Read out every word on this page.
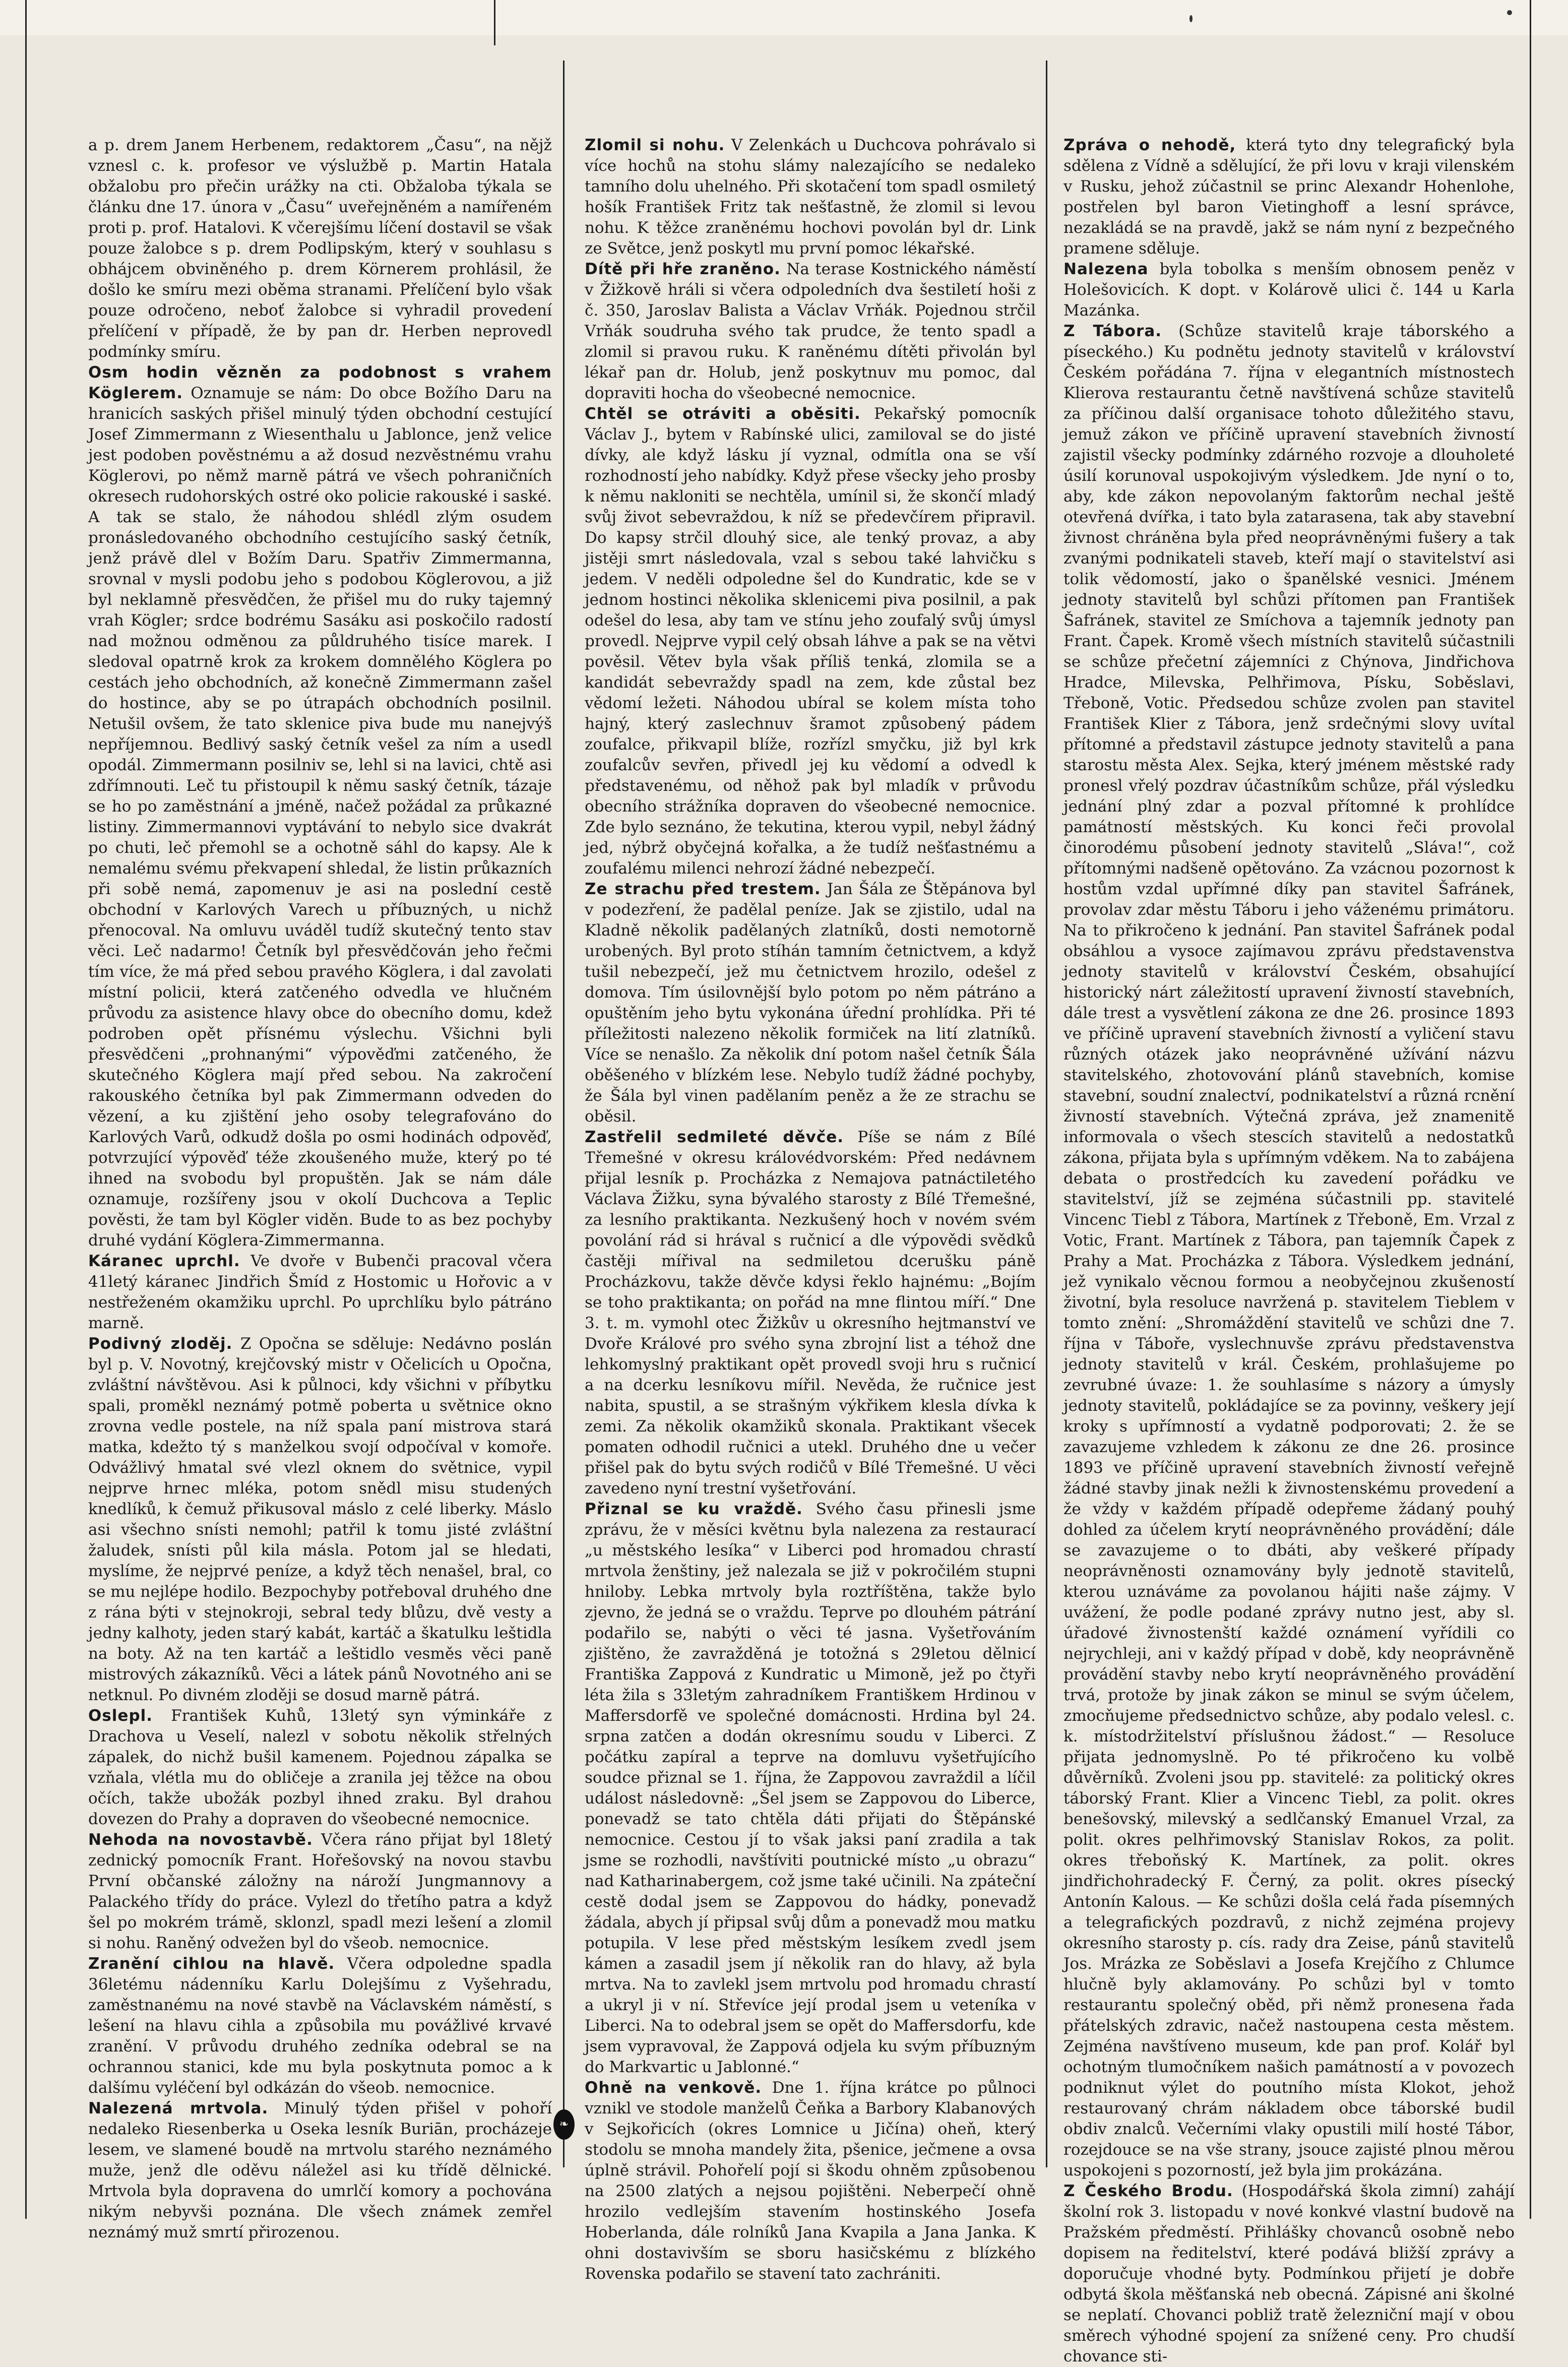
a p. drem Janem Herbenem, redaktorem „Času“, na nějž vznesl c. k. profesor ve výslužbě p. Martin Hatala obžalobu pro přečin urážky na cti. Obžaloba týkala se článku dne 17. února v „Času“ uveřejněném a namířeném proti p. prof. Hatalovi. K včerejšímu líčení dostavil se však pouze žalobce s p. drem Podlipským, který v souhlasu s obhájcem obviněného p. drem Körnerem prohlásil, že došlo ke smíru mezi oběma stranami. Přelíčení bylo však pouze odročeno, neboť žalobce si vyhradil provedení přelíčení v případě, že by pan dr. Herben neprovedl podmínky smíru.

Osm hodin vězněn za podobnost s vrahem Köglerem. Oznamuje se nám: Do obce Božího Daru na hranicích saských přišel minulý týden obchodní cestující Josef Zimmermann z Wiesenthalu u Jablonce, jenž velice jest podoben pověstnému a až dosud nezvěstnému vrahu Köglerovi, po němž marně pátrá ve všech pohraničních okresech rudohorských ostré oko policie rakouské i saské. A tak se stalo, že náhodou shlédl zlým osudem pronásledovaného obchodního cestujícího saský četník, jenž právě dlel v Božím Daru. Spatřiv Zimmermanna, srovnal v mysli podobu jeho s podobou Köglerovou, a již byl neklamně přesvědčen, že přišel mu do ruky tajemný vrah Kögler; srdce bodrému Sasáku asi poskočilo radostí nad možnou odměnou za půldruhého tisíce marek. I sledoval opatrně krok za krokem domnělého Köglera po cestách jeho obchodních, až konečně Zimmermann zašel do hostince, aby se po útrapách obchodních posilnil. Netušil ovšem, že tato sklenice piva bude mu nanejvýš nepříjemnou. Bedlivý saský četník vešel za ním a usedl opodál. Zimmermann posilniv se, lehl si na lavici, chtě asi zdřímnouti. Leč tu přistoupil k němu saský četník, tázaje se ho po zaměstnání a jméně, načež požádal za průkazné listiny. Zimmermannovi vyptávání to nebylo sice dvakrát po chuti, leč přemohl se a ochotně sáhl do kapsy. Ale k nemalému svému překvapení shledal, že listin průkazních při sobě nemá, zapomenuv je asi na poslední cestě obchodní v Karlových Varech u příbuzných, u nichž přenocoval. Na omluvu uváděl tudíž skutečný tento stav věci. Leč nadarmo! Četník byl přesvědčován jeho řečmi tím více, že má před sebou pravého Köglera, i dal zavolati místní policii, která zatčeného odvedla ve hlučném průvodu za asistence hlavy obce do obecního domu, kdež podroben opět přísnému výslechu. Všichni byli přesvědčeni „prohnanými“ výpověďmi zatčeného, že skutečného Köglera mají před sebou. Na zakročení rakouského četníka byl pak Zimmermann odveden do vězení, a ku zjištění jeho osoby telegrafováno do Karlových Varů, odkudž došla po osmi hodinách odpověď, potvrzující výpověď téže zkoušeného muže, který po té ihned na svobodu byl propuštěn. Jak se nám dále oznamuje, rozšířeny jsou v okolí Duchcova a Teplic pověsti, že tam byl Kögler viděn. Bude to as bez pochyby druhé vydání Köglera-Zimmermanna.

Káranec uprchl. Ve dvoře v Bubenči pracoval včera 41letý káranec Jindřich Šmíd z Hostomic u Hořovic a v nestřeženém okamžiku uprchl. Po uprchlíku bylo pátráno marně.

Podivný zloděj. Z Opočna se sděluje: Nedávno poslán byl p. V. Novotný, krejčovský mistr v Očelicích u Opočna, zvláštní návštěvou. Asi k půlnoci, kdy všichni v příbytku spali, proměkl neznámý potmě poberta u světnice okno zrovna vedle postele, na níž spala paní mistrova stará matka, kdežto tý s manželkou svojí odpočíval v komoře. Odvážlivý hmatal své vlezl oknem do světnice, vypil nejprve hrnec mléka, potom snědl misu studených knedlíků, k čemuž přikusoval máslo z celé liberky. Máslo asi všechno snísti nemohl; patřil k tomu jisté zvláštní žaludek, snísti půl kila másla. Potom jal se hledati, myslíme, že nejprvé peníze, a když těch nenašel, bral, co se mu nejlépe hodilo. Bezpochyby potřeboval druhého dne z rána býti v stejnokroji, sebral tedy blůzu, dvě vesty a jedny kalhoty, jeden starý kabát, kartáč a škatulku leštidla na boty. Až na ten kartáč a leštidlo vesměs věci paně mistrových zákazníků. Věci a látek pánů Novotného ani se netknul. Po divném zloději se dosud marně pátrá.

Oslepl. František Kuhů, 13letý syn výminkáře z Drachova u Veselí, nalezl v sobotu několik střelných zápalek, do nichž bušil kamenem. Pojednou zápalka se vzňala, vlétla mu do obličeje a zranila jej těžce na obou očích, takže ubožák pozbyl ihned zraku. Byl drahou dovezen do Prahy a dopraven do všeobecné nemocnice.

Nehoda na novostavbě. Včera ráno přijat byl 18letý zednický pomocník Frant. Hořešovský na novou stavbu První občanské záložny na nároží Jungmannovy a Palackého třídy do práce. Vylezl do třetího patra a když šel po mokrém trámě, sklonzl, spadl mezi lešení a zlomil si nohu. Raněný odvežen byl do všeob. nemocnice.

Zranění cihlou na hlavě. Včera odpoledne spadla 36letému nádenníku Karlu Dolejšímu z Vyšehradu, zaměstnanému na nové stavbě na Václavském náměstí, s lešení na hlavu cihla a způsobila mu povážlivé krvavé zranění. V průvodu druhého zedníka odebral se na ochrannou stanici, kde mu byla poskytnuta pomoc a k dalšímu vyléčení byl odkázán do všeob. nemocnice.

Nalezená mrtvola. Minulý týden přišel v pohoří nedaleko Riesenberka u Oseka lesník Buriān, procházeje lesem, ve slamené boudě na mrtvolu starého neznámého muže, jenž dle oděvu náležel asi ku třídě dělnické. Mrtvola byla dopravena do umrlčí komory a pochována nikým nebyvši poznána. Dle všech známek zemřel neznámý muž smrtí přirozenou.

Zlomil si nohu. V Zelenkách u Duchcova pohrávalo si více hochů na stohu slámy nalezajícího se nedaleko tamního dolu uhelného. Při skotačení tom spadl osmiletý hošík František Fritz tak nešťastně, že zlomil si levou nohu. K těžce zraněnému hochovi povolán byl dr. Link ze Světce, jenž poskytl mu první pomoc lékařské.

Dítě při hře zraněno. Na terase Kostnického náměstí v Žižkově hráli si včera odpoledních dva šestiletí hoši z č. 350, Jaroslav Balista a Václav Vrňák. Pojednou strčil Vrňák soudruha svého tak prudce, že tento spadl a zlomil si pravou ruku. K raněnému dítěti přivolán byl lékař pan dr. Holub, jenž poskytnuv mu pomoc, dal dopraviti hocha do všeobecné nemocnice.

Chtěl se otráviti a oběsiti. Pekařský pomocník Václav J., bytem v Rabínské ulici, zamiloval se do jisté dívky, ale když lásku jí vyznal, odmítla ona se vší rozhodností jeho nabídky. Když přese všecky jeho prosby k němu nakloniti se nechtěla, umínil si, že skončí mladý svůj život sebevraždou, k níž se předevčírem připravil. Do kapsy strčil dlouhý sice, ale tenký provaz, a aby jistěji smrt následovala, vzal s sebou také lahvičku s jedem. V neděli odpoledne šel do Kundratic, kde se v jednom hostinci několika sklenicemi piva posilnil, a pak odešel do lesa, aby tam ve stínu jeho zoufalý svůj úmysl provedl. Nejprve vypil celý obsah láhve a pak se na větvi pověsil. Větev byla však příliš tenká, zlomila se a kandidát sebevraždy spadl na zem, kde zůstal bez vědomí ležeti. Náhodou ubíral se kolem místa toho hajný, který zaslechnuv šramot způsobený pádem zoufalce, přikvapil blíže, rozřízl smyčku, již byl krk zoufalcův sevřen, přivedl jej ku vědomí a odvedl k představenému, od něhož pak byl mladík v průvodu obecního strážníka dopraven do všeobecné nemocnice. Zde bylo seznáno, že tekutina, kterou vypil, nebyl žádný jed, nýbrž obyčejná kořalka, a že tudíž nešťastnému a zoufalému milenci nehrozí žádné nebezpečí.

Ze strachu před trestem. Jan Šála ze Štěpánova byl v podezření, že padělal peníze. Jak se zjistilo, udal na Kladně několik padělaných zlatníků, dosti nemotorně urobených. Byl proto stíhán tamním četnictvem, a když tušil nebezpečí, jež mu četnictvem hrozilo, odešel z domova. Tím úsilovnější bylo potom po něm pátráno a opuštěním jeho bytu vykonána úřední prohlídka. Při té příležitosti nalezeno několik formiček na lití zlatníků. Více se nenašlo. Za několik dní potom našel četník Šála oběšeného v blízkém lese. Nebylo tudíž žádné pochyby, že Šála byl vinen padělaním peněz a že ze strachu se oběsil.

Zastřelil sedmileté děvče. Píše se nám z Bílé Třemešné v okresu královédvorském: Před nedávnem přijal lesník p. Procházka z Nemajova patnáctiletého Václava Žižku, syna bývalého starosty z Bílé Třemešné, za lesního praktikanta. Nezkušený hoch v novém svém povolání rád si hrával s ručnicí a dle výpovědi svědků častěji mířival na sedmiletou dcerušku páně Procházkovu, takže děvče kdysi řeklo hajnému: „Bojím se toho praktikanta; on pořád na mne flintou míří.“ Dne 3. t. m. vymohl otec Žižkův u okresního hejtmanství ve Dvoře Králové pro svého syna zbrojní list a téhož dne lehkomyslný praktikant opět provedl svoji hru s ručnicí a na dcerku lesníkovu mířil. Nevěda, že ručnice jest nabita, spustil, a se strašným výkřikem klesla dívka k zemi. Za několik okamžiků skonala. Praktikant všecek pomaten odhodil ručnici a utekl. Druhého dne u večer přišel pak do bytu svých rodičů v Bílé Třemešné. U věci zavedeno nyní trestní vyšetřování.

Přiznal se ku vraždě. Svého času přinesli jsme zprávu, že v měsíci květnu byla nalezena za restaurací „u městského lesíka“ v Liberci pod hromadou chrastí mrtvola ženštiny, jež nalezala se již v pokročilém stupni hniloby. Lebka mrtvoly byla roztříštěna, takže bylo zjevno, že jedná se o vraždu. Teprve po dlouhém pátrání podařilo se, nabýti o věci té jasna. Vyšetřováním zjištěno, že zavražděná je totožná s 29letou dělnicí Františka Zappová z Kundratic u Mimoně, jež po čtyři léta žila s 33letým zahradníkem Františkem Hrdinou v Maffersdorfě ve společné domácnosti. Hrdina byl 24. srpna zatčen a dodán okresnímu soudu v Liberci. Z počátku zapíral a teprve na domluvu vyšetřujícího soudce přiznal se 1. října, že Zappovou zavraždil a líčil událost následovně: „Šel jsem se Zappovou do Liberce, ponevadž se tato chtěla dáti přijati do Štěpánské nemocnice. Cestou jí to však jaksi paní zradila a tak jsme se rozhodli, navštíviti poutnické místo „u obrazu“ nad Katharinabergem, což jsme také učinili. Na zpáteční cestě dodal jsem se Zappovou do hádky, ponevadž žádala, abych jí připsal svůj dům a ponevadž mou matku potupila. V lese před městským lesíkem zvedl jsem kámen a zasadil jsem jí několik ran do hlavy, až byla mrtva. Na to zavlekl jsem mrtvolu pod hromadu chrastí a ukryl ji v ní. Střevíce její prodal jsem u veteníka v Liberci. Na to odebral jsem se opět do Maffersdorfu, kde jsem vypravoval, že Zappová odjela ku svým příbuzným do Markvartic u Jablonné.“

Ohně na venkově. Dne 1. října krátce po půlnoci vznikl ve stodole manželů Čeňka a Barbory Klabanových v Sejkořicích (okres Lomnice u Jičína) oheň, který stodolu se mnoha mandely žita, pšenice, ječmene a ovsa úplně strávil. Pohořelí pojí si škodu ohněm způsobenou na 2500 zlatých a nejsou pojištěni. Neberpečí ohně hrozilo vedlejším stavením hostinského Josefa Hoberlanda, dále rolníků Jana Kvapila a Jana Janka. K ohni dostavivším se sboru hasičskému z blízkého Rovenska podařilo se stavení tato zachrániti.

Zpráva o nehodě, která tyto dny telegrafický byla sdělena z Vídně a sdělující, že při lovu v kraji vilenském v Rusku, jehož zúčastnil se princ Alexandr Hohenlohe, postřelen byl baron Vietinghoff a lesní správce, nezakládá se na pravdě, jakž se nám nyní z bezpečného pramene sděluje.

Nalezena byla tobolka s menším obnosem peněz v Holešovicích. K dopt. v Kolárově ulici č. 144 u Karla Mazánka.

Z Tábora. (Schůze stavitelů kraje táborského a píseckého.) Ku podnětu jednoty stavitelů v království Českém pořádána 7. října v elegantních místnostech Klierova restaurantu četně navštívená schůze stavitelů za příčinou další organisace tohoto důležitého stavu, jemuž zákon ve příčině upravení stavebních živností zajistil všecky podmínky zdárného rozvoje a dlouholeté úsilí korunoval uspokojivým výsledkem. Jde nyní o to, aby, kde zákon nepovolaným faktorům nechal ještě otevřená dvířka, i tato byla zatarasena, tak aby stavební živnost chráněna byla před neoprávněnými fušery a tak zvanými podnikateli staveb, kteří mají o stavitelství asi tolik vědomostí, jako o španělské vesnici. Jménem jednoty stavitelů byl schůzi přítomen pan František Šafránek, stavitel ze Smíchova a tajemník jednoty pan Frant. Čapek. Kromě všech místních stavitelů súčastnili se schůze přečetní zájemníci z Chýnova, Jindřichova Hradce, Milevska, Pelhřimova, Písku, Soběslavi, Třeboně, Votic. Předsedou schůze zvolen pan stavitel František Klier z Tábora, jenž srdečnými slovy uvítal přítomné a představil zástupce jednoty stavitelů a pana starostu města Alex. Sejka, který jménem městské rady pronesl vřelý pozdrav účastníkům schůze, přál výsledku jednání plný zdar a pozval přítomné k prohlídce památností městských. Ku konci řeči provolal činorodému působení jednoty stavitelů „Sláva!“, což přítomnými nadšeně opětováno. Za vzácnou pozornost k hostům vzdal upřímné díky pan stavitel Šafránek, provolav zdar městu Táboru i jeho váženému primátoru. Na to přikročeno k jednání. Pan stavitel Šafránek podal obsáhlou a vysoce zajímavou zprávu představenstva jednoty stavitelů v království Českém, obsahující historický nárt záležitostí upravení živností stavebních, dále trest a vysvětlení zákona ze dne 26. prosince 1893 ve příčině upravení stavebních živností a vyličení stavu různých otázek jako neoprávněné užívání názvu stavitelského, zhotovování plánů stavebních, komise stavební, soudní znalectví, podnikatelství a různá rcnění živností stavebních. Výtečná zpráva, jež znamenitě informovala o všech stescích stavitelů a nedostatků zákona, přijata byla s upřímným vděkem. Na to zabájena debata o prostředcích ku zavedení pořádku ve stavitelství, jíž se zejména súčastnili pp. stavitelé Vincenc Tiebl z Tábora, Martínek z Třeboně, Em. Vrzal z Votic, Frant. Martínek z Tábora, pan tajemník Čapek z Prahy a Mat. Procházka z Tábora. Výsledkem jednání, jež vynikalo věcnou formou a neobyčejnou zkušeností životní, byla resoluce navržená p. stavitelem Tieblem v tomto znění: „Shromáždění stavitelů ve schůzi dne 7. října v Táboře, vyslechnuvše zprávu představenstva jednoty stavitelů v král. Českém, prohlašujeme po zevrubné úvaze: 1. že souhlasíme s názory a úmysly jednoty stavitelů, pokládajíce se za povinny, veškery její kroky s upřímností a vydatně podporovati; 2. že se zavazujeme vzhledem k zákonu ze dne 26. prosince 1893 ve příčině upravení stavebních živností veřejně žádné stavby jinak nežli k živnostenskému provedení a že vždy v každém případě odepřeme žádaný pouhý dohled za účelem krytí neoprávněného provádění; dále se zavazujeme o to dbáti, aby veškeré případy neoprávněnosti oznamovány byly jednotě stavitelů, kterou uznáváme za povolanou hájiti naše zájmy. V uvážení, že podle podané zprávy nutno jest, aby sl. úřadové živnostenští každé oznámení vyřídili co nejrychleji, ani v každý případ v době, kdy neoprávněně provádění stavby nebo krytí neoprávněného provádění trvá, protože by jinak zákon se minul se svým účelem, zmocňujeme předsednictvo schůze, aby podalo velesl. c. k. místodržitelství příslušnou žádost.“ — Resoluce přijata jednomyslně. Po té přikročeno ku volbě důvěrníků. Zvoleni jsou pp. stavitelé: za politický okres táborský Frant. Klier a Vincenc Tiebl, za polit. okres benešovský, milevský a sedlčanský Emanuel Vrzal, za polit. okres pelhřimovský Stanislav Rokos, za polit. okres třeboňský K. Martínek, za polit. okres jindřichohradecký F. Černý, za polit. okres písecký Antonín Kalous. — Ke schůzi došla celá řada písemných a telegrafických pozdravů, z nichž zejména projevy okresního starosty p. cís. rady dra Zeise, pánů stavitelů Jos. Mrázka ze Soběslavi a Josefa Krejčího z Chlumce hlučně byly aklamovány. Po schůzi byl v tomto restaurantu společný oběd, při němž pronesena řada přátelských zdravic, načež nastoupena cesta městem. Zejména navštíveno museum, kde pan prof. Kolář byl ochotným tlumočníkem našich památností a v povozech podniknut výlet do poutního místa Klokot, jehož restaurovaný chrám nákladem obce táborské budil obdiv znalců. Večerními vlaky opustili milí hosté Tábor, rozejdouce se na vše strany, jsouce zajisté plnou měrou uspokojeni s pozorností, jež byla jim prokázána.

Z Českého Brodu. (Hospodářská škola zimní) zahájí školní rok 3. listopadu v nové konkvé vlastní budově na Pražském předměstí. Přihlášky chovanců osobně nebo dopisem na ředitelství, které podává bližší zprávy a doporučuje vhodné byty. Podmínkou přijetí je dobře odbytá škola měšťanská neb obecná. Zápisné ani školné se neplatí. Chovanci pobliž tratě železniční mají v obou směrech výhodné spojení za snížené ceny. Pro chudší chovance sti-

❧
